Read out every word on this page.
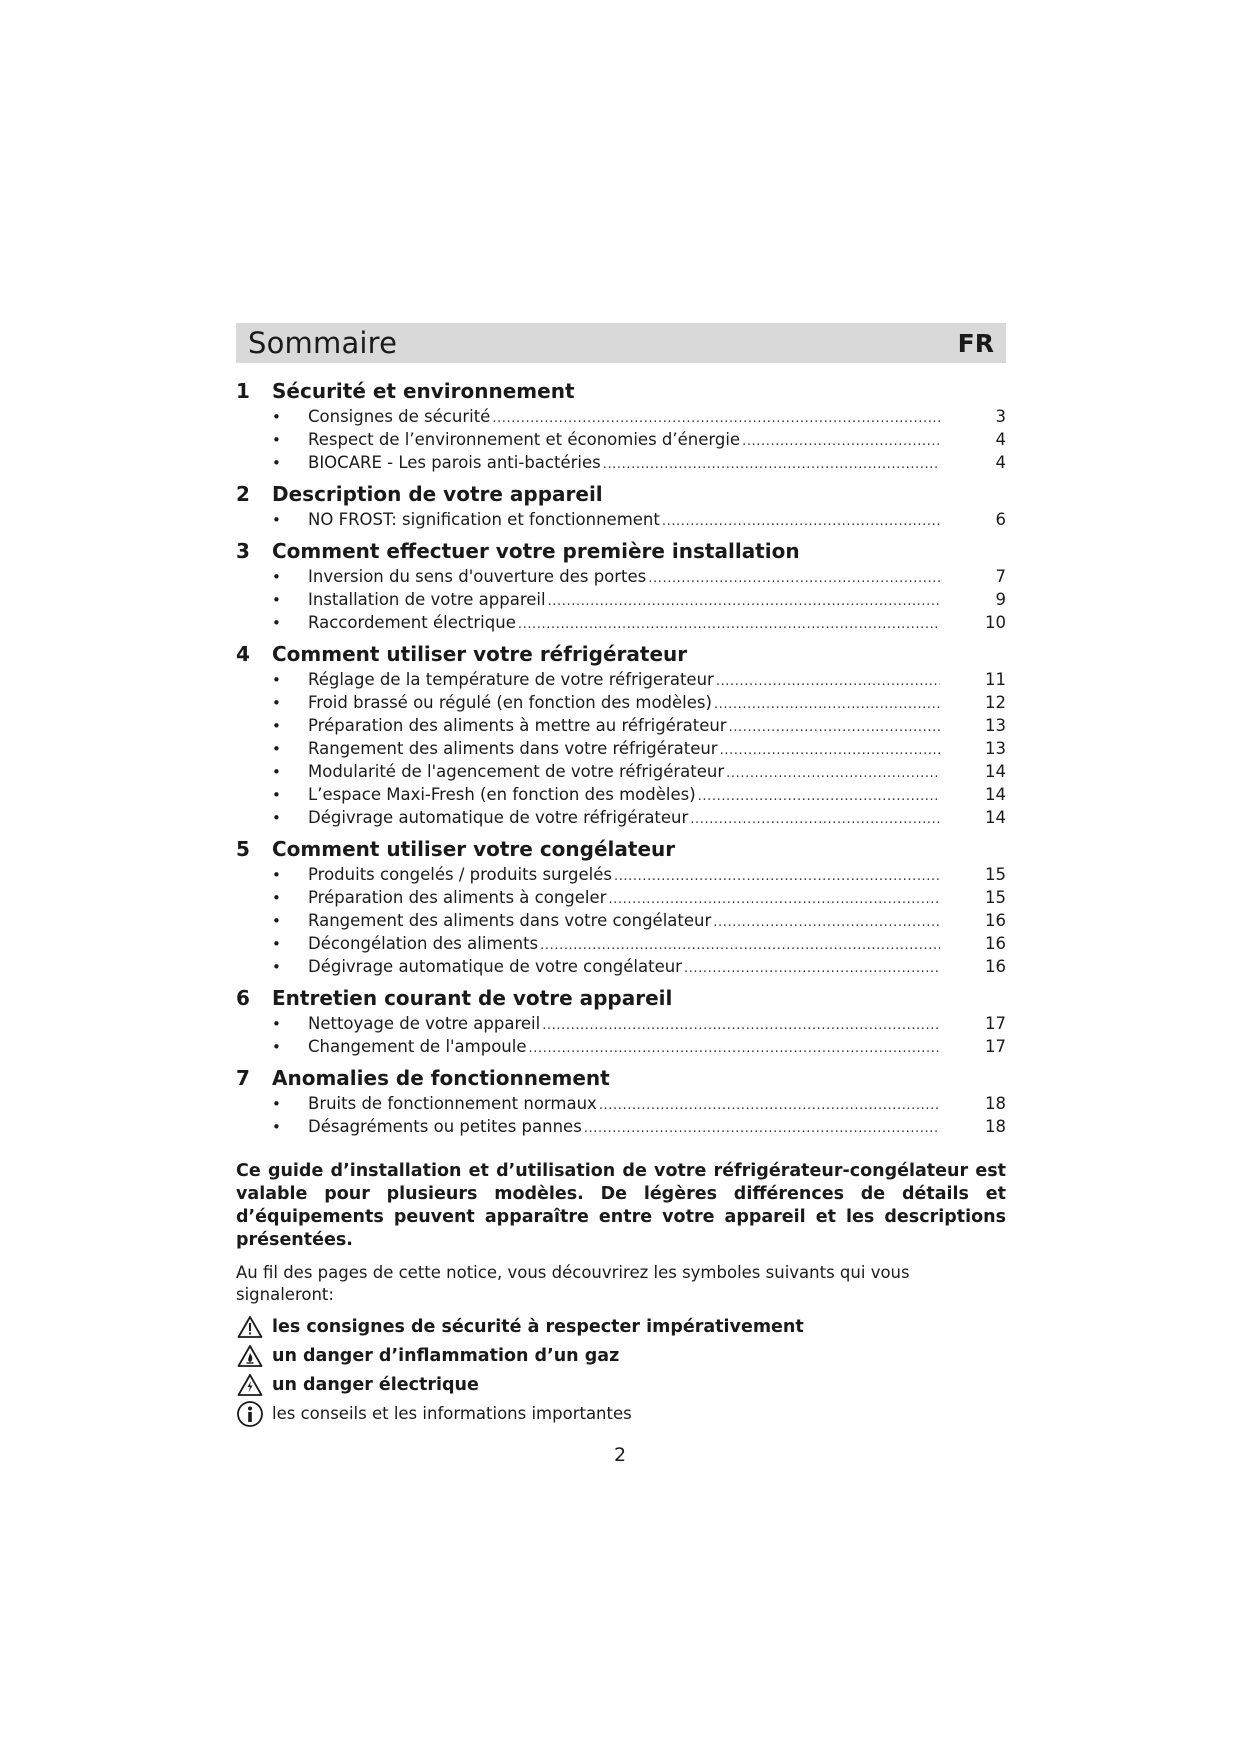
Sommaire	FR
1	Sécurité et environnement
•	Consignes de sécurité .....	3
•	Respect de l’environnement et économies d’énergie .....	4
•	BIOCARE - Les parois anti-bactéries .....	4
2	Description de votre appareil
•	NO FROST: signification et fonctionnement .....	6
3	Comment effectuer votre première installation
•	Inversion du sens d'ouverture des portes .....	7
•	Installation de votre appareil .....	9
•	Raccordement électrique .....	10
4	Comment utiliser votre réfrigérateur
•	Réglage de la température de votre réfrigerateur .....	11
•	Froid brassé ou régulé (en fonction des modèles) .....	12
•	Préparation des aliments à mettre au réfrigérateur .....	13
•	Rangement des aliments dans votre réfrigérateur .....	13
•	Modularité de l'agencement de votre réfrigérateur .....	14
•	L’espace Maxi-Fresh (en fonction des modèles) .....	14
•	Dégivrage automatique de votre réfrigérateur .....	14
5	Comment utiliser votre congélateur
•	Produits congelés / produits surgelés .....	15
•	Préparation des aliments à congeler .....	15
•	Rangement des aliments dans votre congélateur .....	16
•	Décongélation des aliments .....	16
•	Dégivrage automatique de votre congélateur .....	16
6	Entretien courant de votre appareil
•	Nettoyage de votre appareil .....	17
•	Changement de l'ampoule .....	17
7	Anomalies de fonctionnement
•	Bruits de fonctionnement normaux .....	18
•	Désagréments ou petites pannes .....	18
Ce guide d’installation et d’utilisation de votre réfrigérateur-congélateur est valable pour plusieurs modèles. De légères différences de détails et d’équipements peuvent apparaître entre votre appareil et les descriptions présentées.
Au fil des pages de cette notice, vous découvrirez les symboles suivants qui vous signaleront:
les consignes de sécurité à respecter impérativement
un danger d’inflammation d’un gaz
un danger électrique
les conseils et les informations importantes
2
